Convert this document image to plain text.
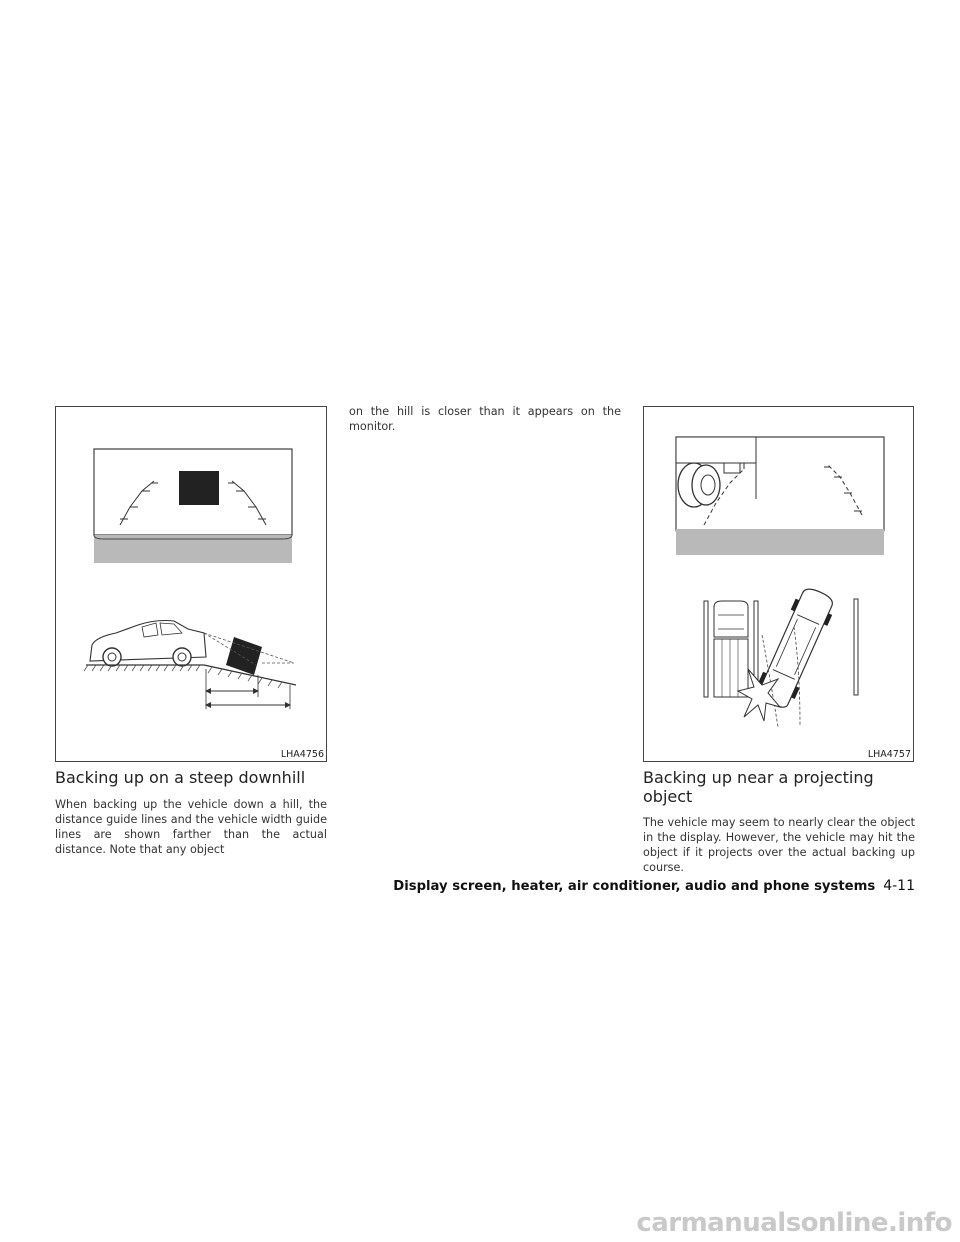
LHA4756
Backing up on a steep downhill

When backing up the vehicle down a hill, the distance guide lines and the vehicle width guide lines are shown farther than the actual distance. Note that any object

on the hill is closer than it appears on the monitor.

LHA4757
Backing up near a projecting object

The vehicle may seem to nearly clear the object in the display. However, the vehicle may hit the object if it projects over the actual backing up course.

Display screen, heater, air conditioner, audio and phone systems 4-11
carmanualsonline.info
